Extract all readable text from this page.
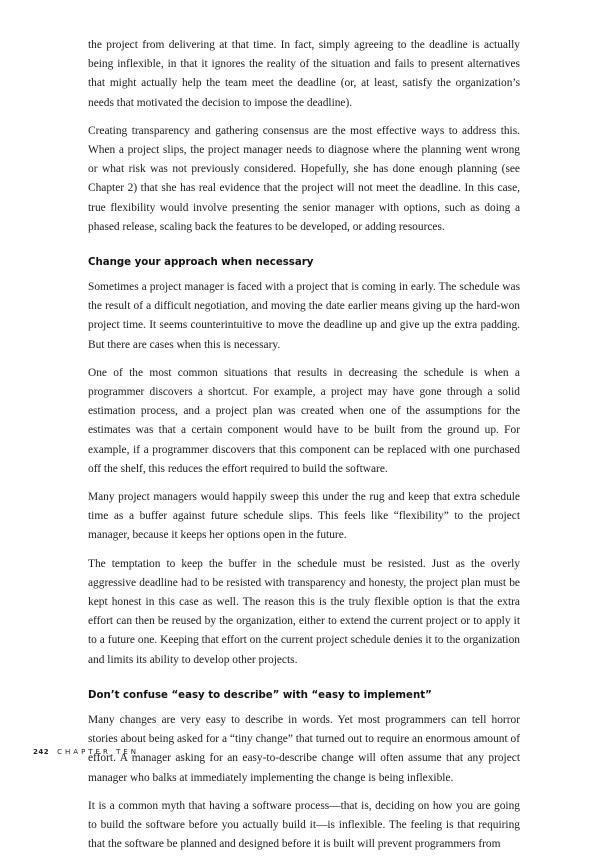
the project from delivering at that time. In fact, simply agreeing to the deadline is actually being inflexible, in that it ignores the reality of the situation and fails to present alternatives that might actually help the team meet the deadline (or, at least, satisfy the organization’s needs that motivated the decision to impose the deadline).

Creating transparency and gathering consensus are the most effective ways to address this. When a project slips, the project manager needs to diagnose where the planning went wrong or what risk was not previously considered. Hopefully, she has done enough planning (see Chapter 2) that she has real evidence that the project will not meet the deadline. In this case, true flexibility would involve presenting the senior manager with options, such as doing a phased release, scaling back the features to be developed, or adding resources.

Change your approach when necessary

Sometimes a project manager is faced with a project that is coming in early. The schedule was the result of a difficult negotiation, and moving the date earlier means giving up the hard-won project time. It seems counterintuitive to move the deadline up and give up the extra padding. But there are cases when this is necessary.

One of the most common situations that results in decreasing the schedule is when a programmer discovers a shortcut. For example, a project may have gone through a solid estimation process, and a project plan was created when one of the assumptions for the estimates was that a certain component would have to be built from the ground up. For example, if a programmer discovers that this component can be replaced with one purchased off the shelf, this reduces the effort required to build the software.

Many project managers would happily sweep this under the rug and keep that extra schedule time as a buffer against future schedule slips. This feels like “flexibility” to the project manager, because it keeps her options open in the future.

The temptation to keep the buffer in the schedule must be resisted. Just as the overly aggressive deadline had to be resisted with transparency and honesty, the project plan must be kept honest in this case as well. The reason this is the truly flexible option is that the extra effort can then be reused by the organization, either to extend the current project or to apply it to a future one. Keeping that effort on the current project schedule denies it to the organization and limits its ability to develop other projects.

Don’t confuse “easy to describe” with “easy to implement”

Many changes are very easy to describe in words. Yet most programmers can tell horror stories about being asked for a “tiny change” that turned out to require an enormous amount of effort. A manager asking for an easy-to-describe change will often assume that any project manager who balks at immediately implementing the change is being inflexible.

It is a common myth that having a software process—that is, deciding on how you are going to build the software before you actually build it—is inflexible. The feeling is that requiring that the software be planned and designed before it is built will prevent programmers from

242 CHAPTER TEN
